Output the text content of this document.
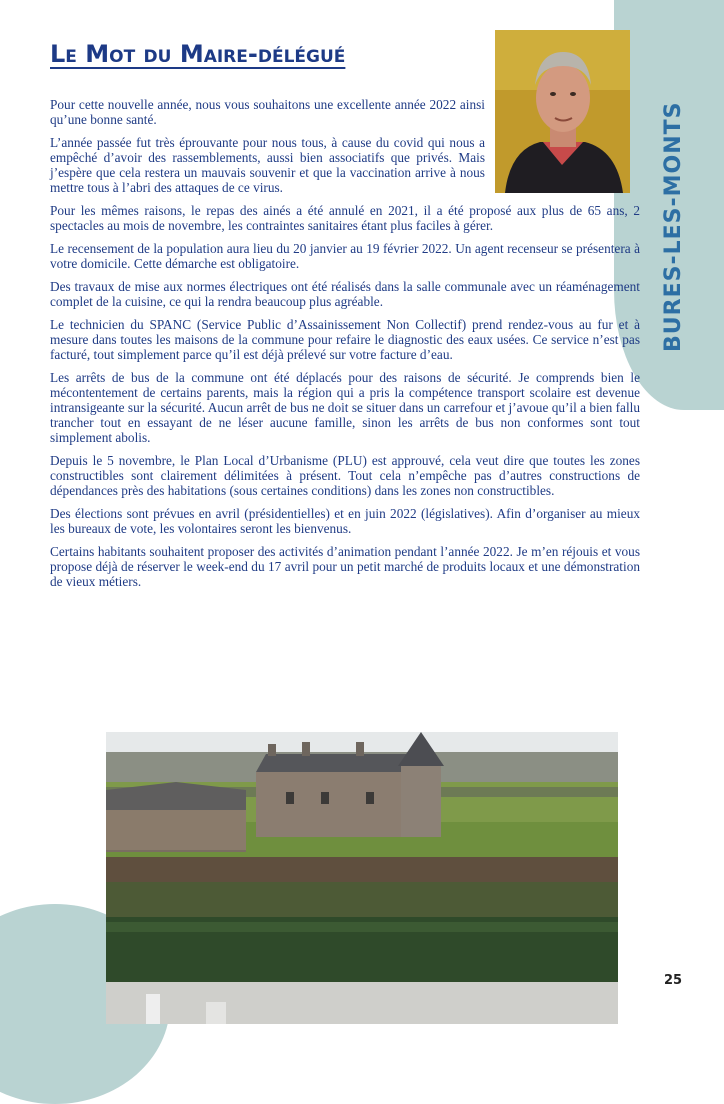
BURES-LES-MONTS
Le Mot du Maire-délégué

Pour cette nouvelle année, nous vous souhaitons une excellente année 2022 ainsi qu’une bonne santé.

L’année passée fut très éprouvante pour nous tous, à cause du covid qui nous a empêché d’avoir des rassemblements, aussi bien associatifs que privés. Mais j’espère que cela restera un mauvais souvenir et que la vaccination arrive à nous mettre tous à l’abri des attaques de ce virus.

Pour les mêmes raisons, le repas des ainés a été annulé en 2021, il a été proposé aux plus de 65 ans, 2 spectacles au mois de novembre, les contraintes sanitaires étant plus faciles à gérer.

Le recensement de la population aura lieu du 20 janvier au 19 février 2022. Un agent recenseur se présentera à votre domicile. Cette démarche est obligatoire.

Des travaux de mise aux normes électriques ont été réalisés dans la salle communale avec un réaménagement complet de la cuisine, ce qui la rendra beaucoup plus agréable.

Le technicien du SPANC (Service Public d’Assainissement Non Collectif) prend rendez-vous au fur et à mesure dans toutes les maisons de la commune pour refaire le diagnostic des eaux usées. Ce service n’est pas facturé, tout simplement parce qu’il est déjà prélevé sur votre facture d’eau.

Les arrêts de bus de la commune ont été déplacés pour des raisons de sécurité. Je comprends bien le mécontentement de certains parents, mais la région qui a pris la compétence transport scolaire est devenue intransigeante sur la sécurité. Aucun arrêt de bus ne doit se situer dans un carrefour et j’avoue qu’il a bien fallu trancher tout en essayant de ne léser aucune famille, sinon les arrêts de bus non conformes sont tout simplement abolis.

Depuis le 5 novembre, le Plan Local d’Urbanisme (PLU) est approuvé, cela veut dire que toutes les zones constructibles sont clairement délimitées à présent. Tout cela n’empêche pas d’autres constructions de dépendances près des habitations (sous certaines conditions) dans les zones non constructibles.

Des élections sont prévues en avril (présidentielles) et en juin 2022 (législatives). Afin d’organiser au mieux les bureaux de vote, les volontaires seront les bienvenus.

Certains habitants souhaitent proposer des activités d’animation pendant l’année 2022. Je m’en réjouis et vous propose déjà de réserver le week-end du 17 avril pour un petit marché de produits locaux et une démonstration de vieux métiers.

25
